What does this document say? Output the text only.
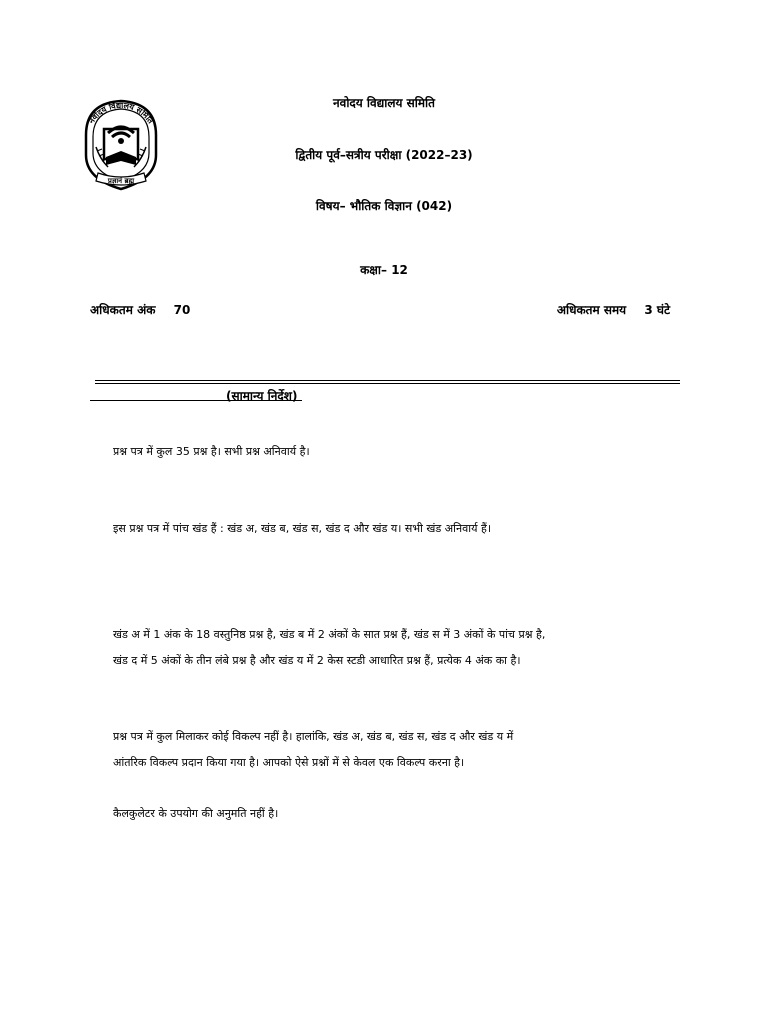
नवोदय विद्यालय समिति
प्रज्ञानं ब्रह्म
नवोदय विद्यालय समिति
द्वितीय पूर्व–सत्रीय परीक्षा (2022–23)
विषय– भौतिक विज्ञान (042)
कक्षा– 12
अधिकतम अंक 70	अधिकतम समय 3 घंटे
(सामान्य निर्देश)
प्रश्न पत्र में कुल 35 प्रश्न है। सभी प्रश्न अनिवार्य है।
इस प्रश्न पत्र में पांच खंड हैं : खंड अ, खंड ब, खंड स, खंड द और खंड य। सभी खंड अनिवार्य हैं।
खंड अ में 1 अंक के 18 वस्तुनिष्ठ प्रश्न है, खंड ब में 2 अंकों के सात प्रश्न हैं, खंड स में 3 अंकों के पांच प्रश्न है,
खंड द में 5 अंकों के तीन लंबे प्रश्न है और खंड य में 2 केस स्टडी आधारित प्रश्न हैं, प्रत्येक 4 अंक का है।
प्रश्न पत्र में कुल मिलाकर कोई विकल्प नहीं है। हालांकि, खंड अ, खंड ब, खंड स, खंड द और खंड य में
आंतरिक विकल्प प्रदान किया गया है। आपको ऐसे प्रश्नों में से केवल एक विकल्प करना है।
कैलकुलेटर के उपयोग की अनुमति नहीं है।
